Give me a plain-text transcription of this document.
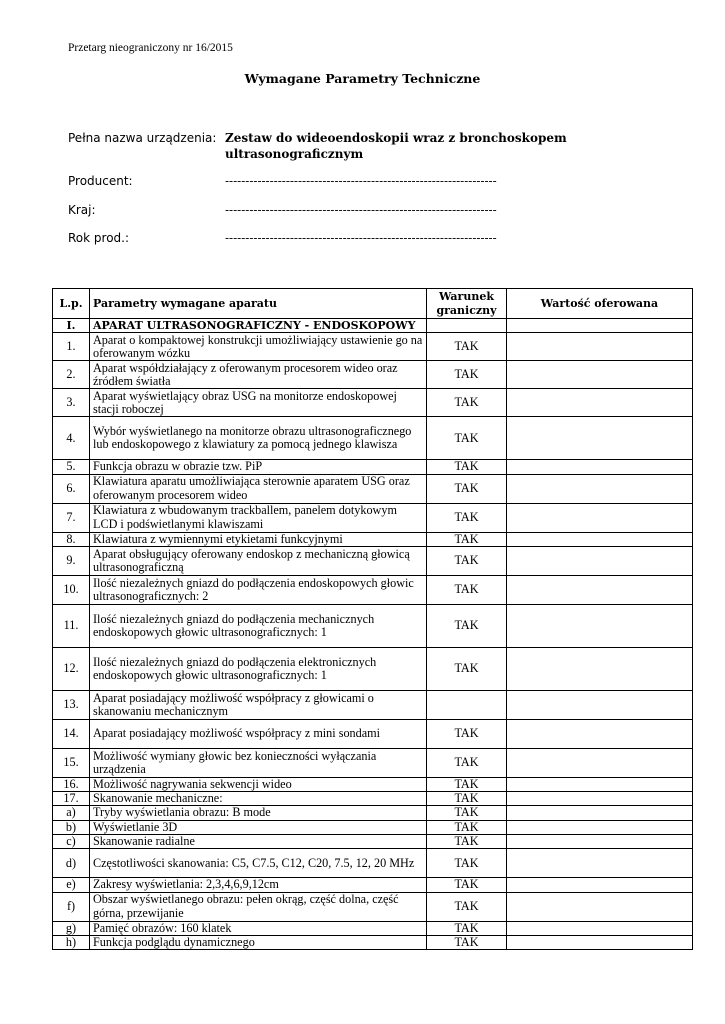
Przetarg nieograniczony nr 16/2015
Wymagane Parametry Techniczne
Pełna nazwa urządzenia: Zestaw do wideoendoskopii wraz z bronchoskopem ultrasonograficznym
Producent:	-------------------------------------------------------------------
Kraj:	-------------------------------------------------------------------
Rok prod.:	-------------------------------------------------------------------
L.p.	Parametry wymagane aparatu	Warunek graniczny	Wartość oferowana
I.	APARAT ULTRASONOGRAFICZNY - ENDOSKOPOWY		
1.	Aparat o kompaktowej konstrukcji umożliwiający ustawienie go na oferowanym wózku	TAK	
2.	Aparat współdziałający z oferowanym procesorem wideo oraz źródłem światła	TAK	
3.	Aparat wyświetlający obraz USG na monitorze endoskopowej stacji roboczej	TAK	
4.	Wybór wyświetlanego na monitorze obrazu ultrasonograficznego lub endoskopowego z klawiatury za pomocą jednego klawisza	TAK	
5.	Funkcja obrazu w obrazie tzw. PiP	TAK	
6.	Klawiatura aparatu umożliwiająca sterownie aparatem USG oraz oferowanym procesorem wideo	TAK	
7.	Klawiatura z wbudowanym trackballem, panelem dotykowym LCD i podświetlanymi klawiszami	TAK	
8.	Klawiatura z wymiennymi etykietami funkcyjnymi	TAK	
9.	Aparat obsługujący oferowany endoskop z mechaniczną głowicą ultrasonograficzną	TAK	
10.	Ilość niezależnych gniazd do podłączenia endoskopowych głowic ultrasonograficznych: 2	TAK	
11.	Ilość niezależnych gniazd do podłączenia mechanicznych endoskopowych głowic ultrasonograficznych: 1	TAK	
12.	Ilość niezależnych gniazd do podłączenia elektronicznych endoskopowych głowic ultrasonograficznych: 1	TAK	
13.	Aparat posiadający możliwość współpracy z głowicami o skanowaniu mechanicznym		
14.	Aparat posiadający możliwość współpracy z mini sondami	TAK	
15.	Możliwość wymiany głowic bez konieczności wyłączania urządzenia	TAK	
16.	Możliwość nagrywania sekwencji wideo	TAK	
17.	Skanowanie mechaniczne:	TAK	
a)	Tryby wyświetlania obrazu: B mode	TAK	
b)	Wyświetlanie 3D	TAK	
c)	Skanowanie radialne	TAK	
d)	Częstotliwości skanowania: C5, C7.5, C12, C20, 7.5, 12, 20 MHz	TAK	
e)	Zakresy wyświetlania: 2,3,4,6,9,12cm	TAK	
f)	Obszar wyświetlanego obrazu: pełen okrąg, część dolna, część górna, przewijanie	TAK	
g)	Pamięć obrazów: 160 klatek	TAK	
h)	Funkcja podglądu dynamicznego	TAK	
